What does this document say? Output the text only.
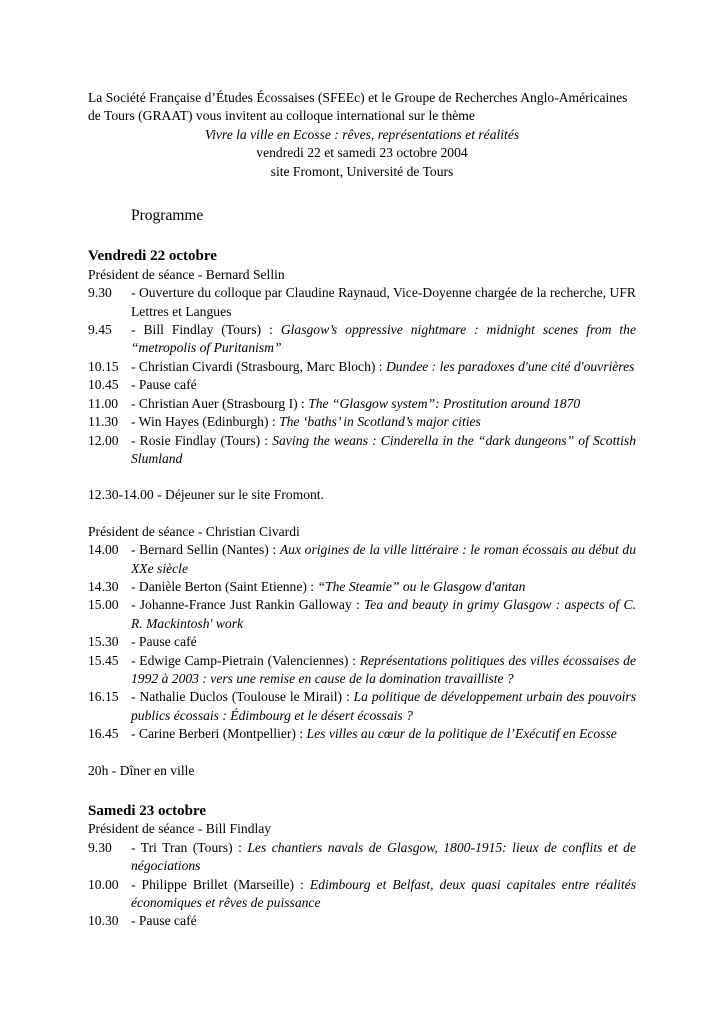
La Société Française d’Études Écossaises (SFEEc) et le Groupe de Recherches Anglo-Américaines
de Tours (GRAAT) vous invitent au colloque international sur le thème
Vivre la ville en Ecosse : rêves, représentations et réalités
vendredi 22 et samedi 23 octobre 2004
site Fromont, Université de Tours
Programme
Vendredi 22 octobre
Président de séance - Bernard Sellin
9.30	- Ouverture du colloque par Claudine Raynaud, Vice-Doyenne chargée de la recherche, UFR Lettres et Langues
9.45	- Bill Findlay (Tours) : Glasgow’s oppressive nightmare : midnight scenes from the “metropolis of Puritanism”
10.15 - Christian Civardi (Strasbourg, Marc Bloch) : Dundee : les paradoxes d'une cité d'ouvrières
10.45 - Pause café
11.00 - Christian Auer (Strasbourg I) : The “Glasgow system”: Prostitution around 1870
11.30 - Win Hayes (Edinburgh) : The ‘baths’ in Scotland’s major cities
12.00 - Rosie Findlay (Tours) : Saving the weans : Cinderella in the “dark dungeons” of Scottish Slumland
12.30-14.00 - Déjeuner sur le site Fromont.
Président de séance - Christian Civardi
14.00 - Bernard Sellin (Nantes) : Aux origines de la ville littéraire : le roman écossais au début du XXe siècle
14.30 - Danièle Berton (Saint Etienne) : “The Steamie” ou le Glasgow d'antan
15.00 - Johanne-France Just Rankin Galloway : Tea and beauty in grimy Glasgow : aspects of C. R. Mackintosh' work
15.30 - Pause café
15.45 - Edwige Camp-Pietrain (Valenciennes) : Représentations politiques des villes écossaises de 1992 à 2003 : vers une remise en cause de la domination travailliste ?
16.15 - Nathalie Duclos (Toulouse le Mirail) : La politique de développement urbain des pouvoirs publics écossais : Édimbourg et le désert écossais ?
16.45 - Carine Berberi (Montpellier) : Les villes au cœur de la politique de l’Exécutif en Ecosse
20h - Dîner en ville
Samedi 23 octobre
Président de séance - Bill Findlay
9.30	- Tri Tran (Tours) : Les chantiers navals de Glasgow, 1800-1915: lieux de conflits et de négociations
10.00 - Philippe Brillet (Marseille) : Edimbourg et Belfast, deux quasi capitales entre réalités économiques et rêves de puissance
10.30 - Pause café
